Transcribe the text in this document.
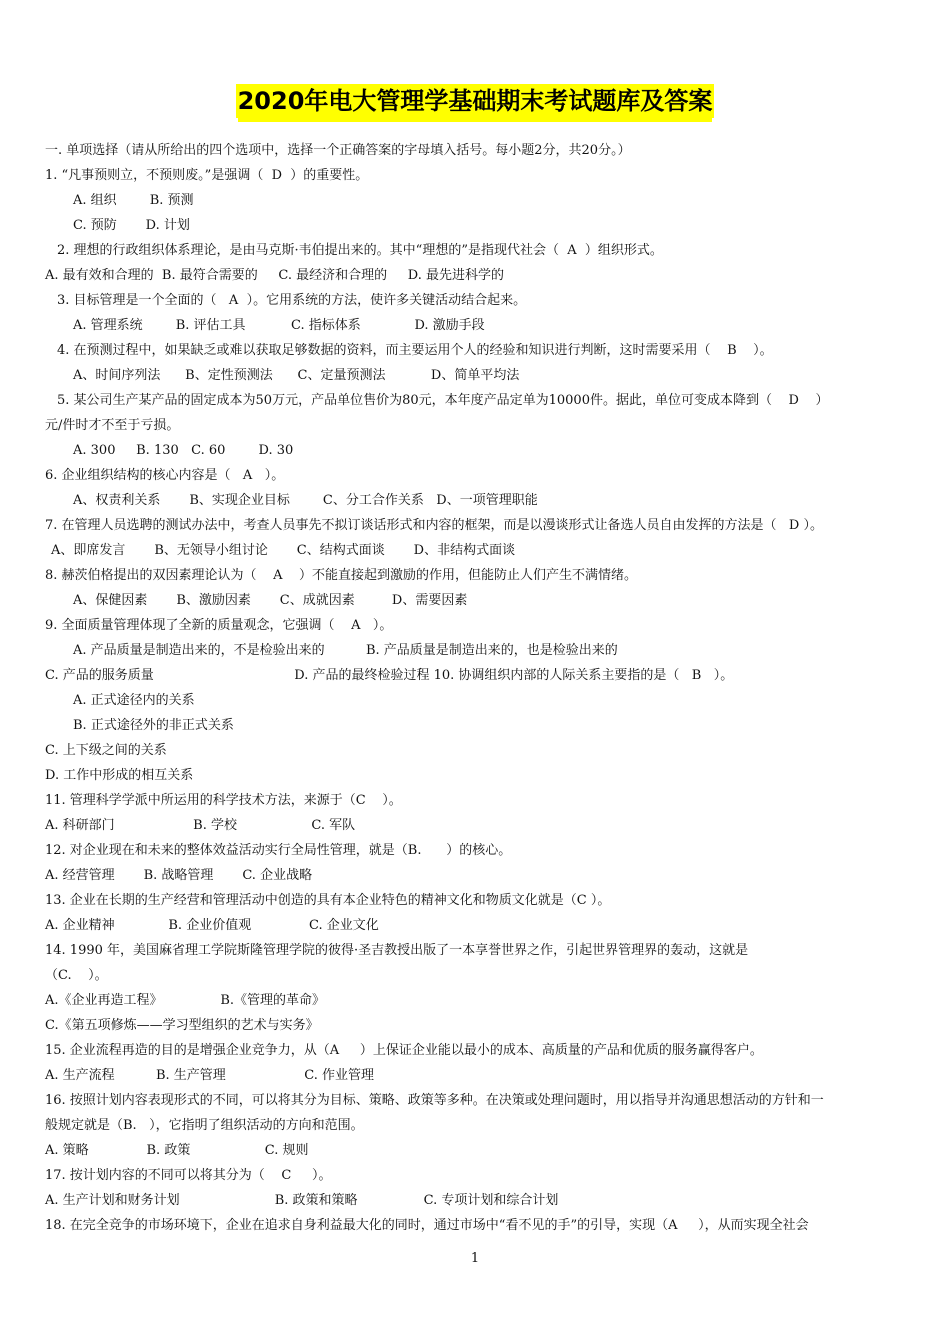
2020年电大管理学基础期末考试题库及答案
一. 单项选择（请从所给出的四个选项中，选择一个正确答案的字母填入括号。每小题2分，共20分。）
1. “凡事预则立，不预则废。”是强调（  D  ）的重要性。
A. 组织        B. 预测
C. 预防       D. 计划
2. 理想的行政组织体系理论，是由马克斯·韦伯提出来的。其中“理想的”是指现代社会（  A  ）组织形式。
A. 最有效和合理的  B. 最符合需要的     C. 最经济和合理的     D. 最先进科学的
3. 目标管理是一个全面的（   A  ）。它用系统的方法，使许多关键活动结合起来。
A. 管理系统        B. 评估工具           C. 指标体系             D. 激励手段
4. 在预测过程中，如果缺乏或难以获取足够数据的资料，而主要运用个人的经验和知识进行判断，这时需要采用（    B    ）。
A、时间序列法      B、定性预测法      C、定量预测法           D、简单平均法
5. 某公司生产某产品的固定成本为50万元，产品单位售价为80元，本年度产品定单为10000件。据此，单位可变成本降到（    D    ）
元/件时才不至于亏损。
A. 300     B. 130   C. 60        D. 30
6. 企业组织结构的核心内容是（   A   ）。
A、权责利关系       B、实现企业目标        C、分工合作关系   D、一项管理职能
7. 在管理人员选聘的测试办法中，考查人员事先不拟订谈话形式和内容的框架，而是以漫谈形式让备选人员自由发挥的方法是（   D ）。
A、即席发言       B、无领导小组讨论       C、结构式面谈       D、非结构式面谈
8. 赫茨伯格提出的双因素理论认为（    A    ）不能直接起到激励的作用，但能防止人们产生不满情绪。
A、保健因素       B、激励因素       C、成就因素         D、需要因素
9. 全面质量管理体现了全新的质量观念，它强调（    A   ）。
A. 产品质量是制造出来的，不是检验出来的          B. 产品质量是制造出来的，也是检验出来的
C. 产品的服务质量                                  D. 产品的最终检验过程 10. 协调组织内部的人际关系主要指的是（   B   ）。
A. 正式途径内的关系
B. 正式途径外的非正式关系
C. 上下级之间的关系
D. 工作中形成的相互关系
11. 管理科学学派中所运用的科学技术方法，来源于（C    ）。
A. 科研部门                   B. 学校                  C. 军队
12. 对企业现在和未来的整体效益活动实行全局性管理，就是（B.      ）的核心。
A. 经营管理       B. 战略管理       C. 企业战略
13. 企业在长期的生产经营和管理活动中创造的具有本企业特色的精神文化和物质文化就是（C ）。
A. 企业精神             B. 企业价值观              C. 企业文化
14. 1990 年，美国麻省理工学院斯隆管理学院的彼得·圣吉教授出版了一本享誉世界之作，引起世界管理界的轰动，这就是
（C.    ）。
A.《企业再造工程》              B.《管理的革命》
C.《第五项修炼——学习型组织的艺术与实务》
15. 企业流程再造的目的是增强企业竞争力，从（A     ）上保证企业能以最小的成本、高质量的产品和优质的服务赢得客户。
A. 生产流程          B. 生产管理                   C. 作业管理
16. 按照计划内容表现形式的不同，可以将其分为目标、策略、政策等多种。在决策或处理问题时，用以指导并沟通思想活动的方针和一
般规定就是（B.   ），它指明了组织活动的方向和范围。
A. 策略              B. 政策                  C. 规则
17. 按计划内容的不同可以将其分为（    C     ）。
A. 生产计划和财务计划                       B. 政策和策略                C. 专项计划和综合计划
18. 在完全竞争的市场环境下，企业在追求自身利益最大化的同时，通过市场中“看不见的手”的引导，实现（A     ），从而实现全社会
1
